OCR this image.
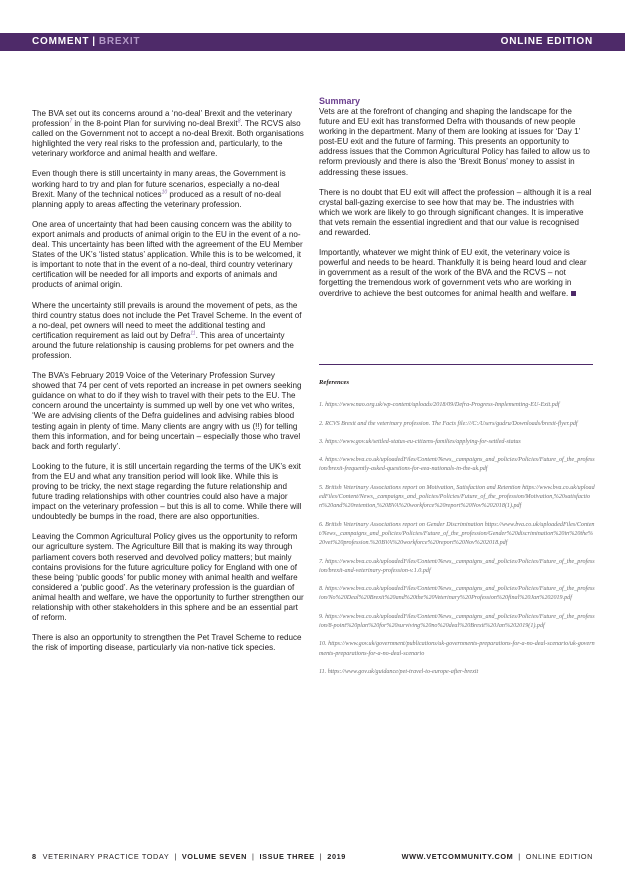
COMMENT | BREXIT	ONLINE EDITION

The BVA set out its concerns around a ‘no-deal’ Brexit and the veterinary profession$^7$ in the 8-point Plan for surviving no-deal Brexit$^8$. The RCVS also called on the Government not to accept a no-deal Brexit. Both organisations highlighted the very real risks to the profession and, particularly, to the veterinary workforce and animal health and welfare.

Even though there is still uncertainty in many areas, the Government is working hard to try and plan for future scenarios, especially a no-deal Brexit. Many of the technical notices$^{10}$ produced as a result of no-deal planning apply to areas affecting the veterinary profession.

One area of uncertainty that had been causing concern was the ability to export animals and products of animal origin to the EU in the event of a no-deal. This uncertainty has been lifted with the agreement of the EU Member States of the UK’s ‘listed status’ application. While this is to be welcomed, it is important to note that in the event of a no-deal, third country veterinary certification will be needed for all imports and exports of animals and products of animal origin.

Where the uncertainty still prevails is around the movement of pets, as the third country status does not include the Pet Travel Scheme. In the event of a no-deal, pet owners will need to meet the additional testing and certification requirement as laid out by Defra$^{11}$. This area of uncertainty around the future relationship is causing problems for pet owners and the profession.

The BVA’s February 2019 Voice of the Veterinary Profession Survey showed that 74 per cent of vets reported an increase in pet owners seeking guidance on what to do if they wish to travel with their pets to the EU. The concern around the uncertainty is summed up well by one vet who writes, ‘We are advising clients of the Defra guidelines and advising rabies blood testing again in plenty of time. Many clients are angry with us (!!) for telling them this information, and for being uncertain – especially those who travel back and forth regularly’.

Looking to the future, it is still uncertain regarding the terms of the UK’s exit from the EU and what any transition period will look like. While this is proving to be tricky, the next stage regarding the future relationship and future trading relationships with other countries could also have a major impact on the veterinary profession – but this is all to come. While there will undoubtedly be bumps in the road, there are also opportunities.

Leaving the Common Agricultural Policy gives us the opportunity to reform our agriculture system. The Agriculture Bill that is making its way through parliament covers both reserved and devolved policy matters; but mainly contains provisions for the future agriculture policy for England with one of these being ‘public goods’ for public money with animal health and welfare considered a ‘public good’. As the veterinary profession is the guardian of animal health and welfare, we have the opportunity to further strengthen our relationship with other stakeholders in this sphere and be an essential part of reform.

There is also an opportunity to strengthen the Pet Travel Scheme to reduce the risk of importing disease, particularly via non-native tick species.

Summary

Vets are at the forefront of changing and shaping the landscape for the future and EU exit has transformed Defra with thousands of new people working in the department. Many of them are looking at issues for ‘Day 1’ post-EU exit and the future of farming. This presents an opportunity to address issues that the Common Agricultural Policy has failed to allow us to reform previously and there is also the ‘Brexit Bonus’ money to assist in addressing these issues.

There is no doubt that EU exit will affect the profession – although it is a real crystal ball-gazing exercise to see how that may be. The industries with which we work are likely to go through significant changes. It is imperative that vets remain the essential ingredient and that our value is recognised and rewarded.

Importantly, whatever we might think of EU exit, the veterinary voice is powerful and needs to be heard. Thankfully it is being heard loud and clear in government as a result of the work of the BVA and the RCVS – not forgetting the tremendous work of government vets who are working in overdrive to achieve the best outcomes for animal health and welfare.

References
1. https://www.nao.org.uk/wp-content/uploads/2018/09/Defra-Progress-Implementing-EU-Exit.pdf
2. RCVS Brexit and the veterinary profession. The Facts file:///C:/Users/gudru/Downloads/brexit-flyer.pdf
3. https://www.gov.uk/settled-status-eu-citizens-families/applying-for-settled-status
4. https://www.bva.co.uk/uploadedFiles/Content/News,_campaigns_and_policies/Policies/Future_of_the_profession/brexit-frequently-asked-questions-for-eea-nationals-in-the-uk.pdf
5. British Veterinary Associations report on Motivation, Satisfaction and Retention https://www.bva.co.uk/uploadedFiles/Content/News,_campaigns_and_policies/Policies/Future_of_the_profession/Motivation,%20satisfaction%20and%20retention,%20BVA%20workforce%20report%20Nov%202018(1).pdf
6. British Veterinary Associations report on Gender Discrimination https://www.bva.co.uk/uploadedFiles/Content/News,_campaigns_and_policies/Policies/Future_of_the_profession/Gender%20discrimination%20in%20the%20vet%20profession.%20BVA%20workforce%20report%20Nov%202018.pdf
7. https://www.bva.co.uk/uploadedFiles/Content/News,_campaigns_and_policies/Policies/Future_of_the_profession/brexit-and-veterinary-profession-v.1.0.pdf
8. https://www.bva.co.uk/uploadedFiles/Content/News,_campaigns_and_policies/Policies/Future_of_the_profession/No%20Deal%20Brexit%20and%20the%20Veterinary%20Profession%20final%20Jan%202019.pdf
9. https://www.bva.co.uk/uploadedFiles/Content/News,_campaigns_and_policies/Policies/Future_of_the_profession/8-point%20plan%20for%20surviving%20no%20deal%20Brexit%20Jan%202019(1).pdf
10. https://www.gov.uk/government/publications/uk-governments-preparations-for-a-no-deal-scenario/uk-governments-preparations-for-a-no-deal-scenario
11. https://www.gov.uk/guidance/pet-travel-to-europe-after-brexit
8 VETERINARY PRACTICE TODAY | VOLUME SEVEN | ISSUE THREE | 2019	WWW.VETCOMMUNITY.COM | ONLINE EDITION
